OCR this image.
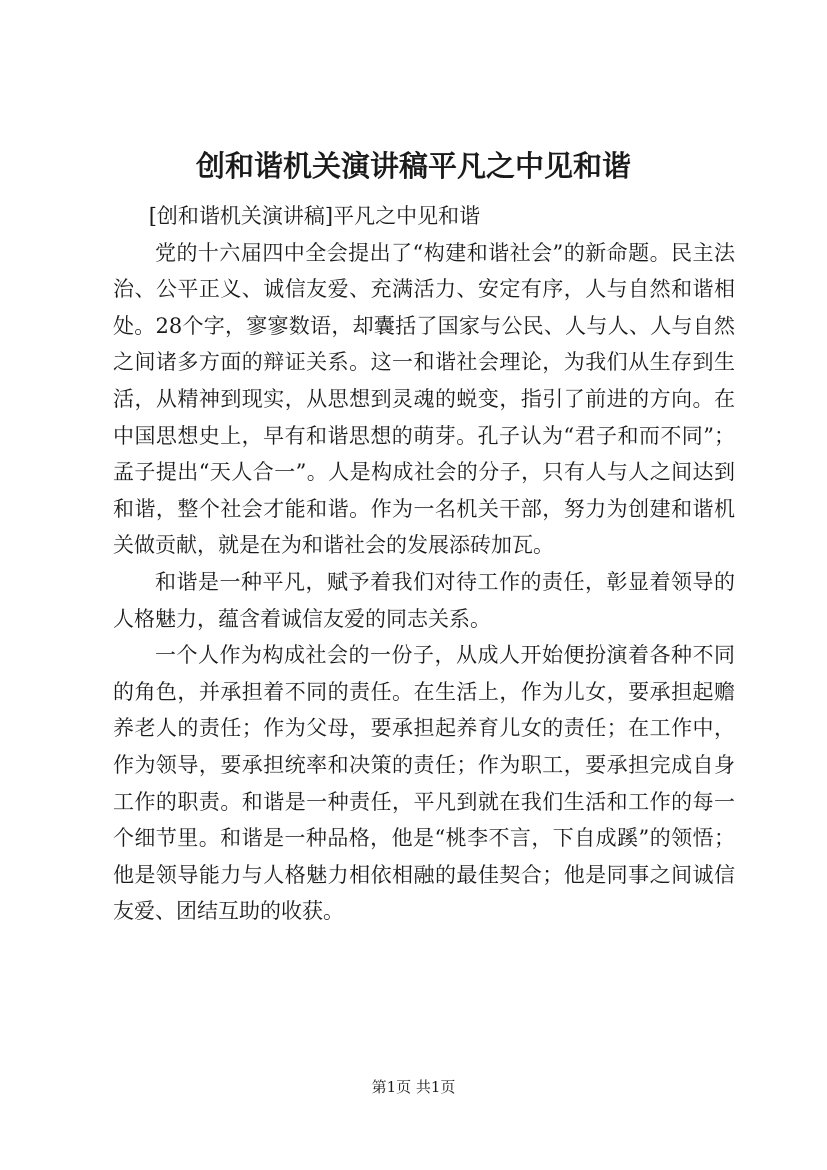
创和谐机关演讲稿平凡之中见和谐

[创和谐机关演讲稿]平凡之中见和谐

党的十六届四中全会提出了“构建和谐社会”的新命题。民主法治、公平正义、诚信友爱、充满活力、安定有序，人与自然和谐相处。28个字，寥寥数语，却囊括了国家与公民、人与人、人与自然之间诸多方面的辩证关系。这一和谐社会理论，为我们从生存到生活，从精神到现实，从思想到灵魂的蜕变，指引了前进的方向。在中国思想史上，早有和谐思想的萌芽。孔子认为“君子和而不同”；孟子提出“天人合一”。人是构成社会的分子，只有人与人之间达到和谐，整个社会才能和谐。作为一名机关干部，努力为创建和谐机关做贡献，就是在为和谐社会的发展添砖加瓦。

和谐是一种平凡，赋予着我们对待工作的责任，彰显着领导的人格魅力，蕴含着诚信友爱的同志关系。

一个人作为构成社会的一份子，从成人开始便扮演着各种不同的角色，并承担着不同的责任。在生活上，作为儿女，要承担起赡养老人的责任；作为父母，要承担起养育儿女的责任；在工作中，作为领导，要承担统率和决策的责任；作为职工，要承担完成自身工作的职责。和谐是一种责任，平凡到就在我们生活和工作的每一个细节里。和谐是一种品格，他是“桃李不言，下自成蹊”的领悟；他是领导能力与人格魅力相依相融的最佳契合；他是同事之间诚信友爱、团结互助的收获。

第1页 共1页
